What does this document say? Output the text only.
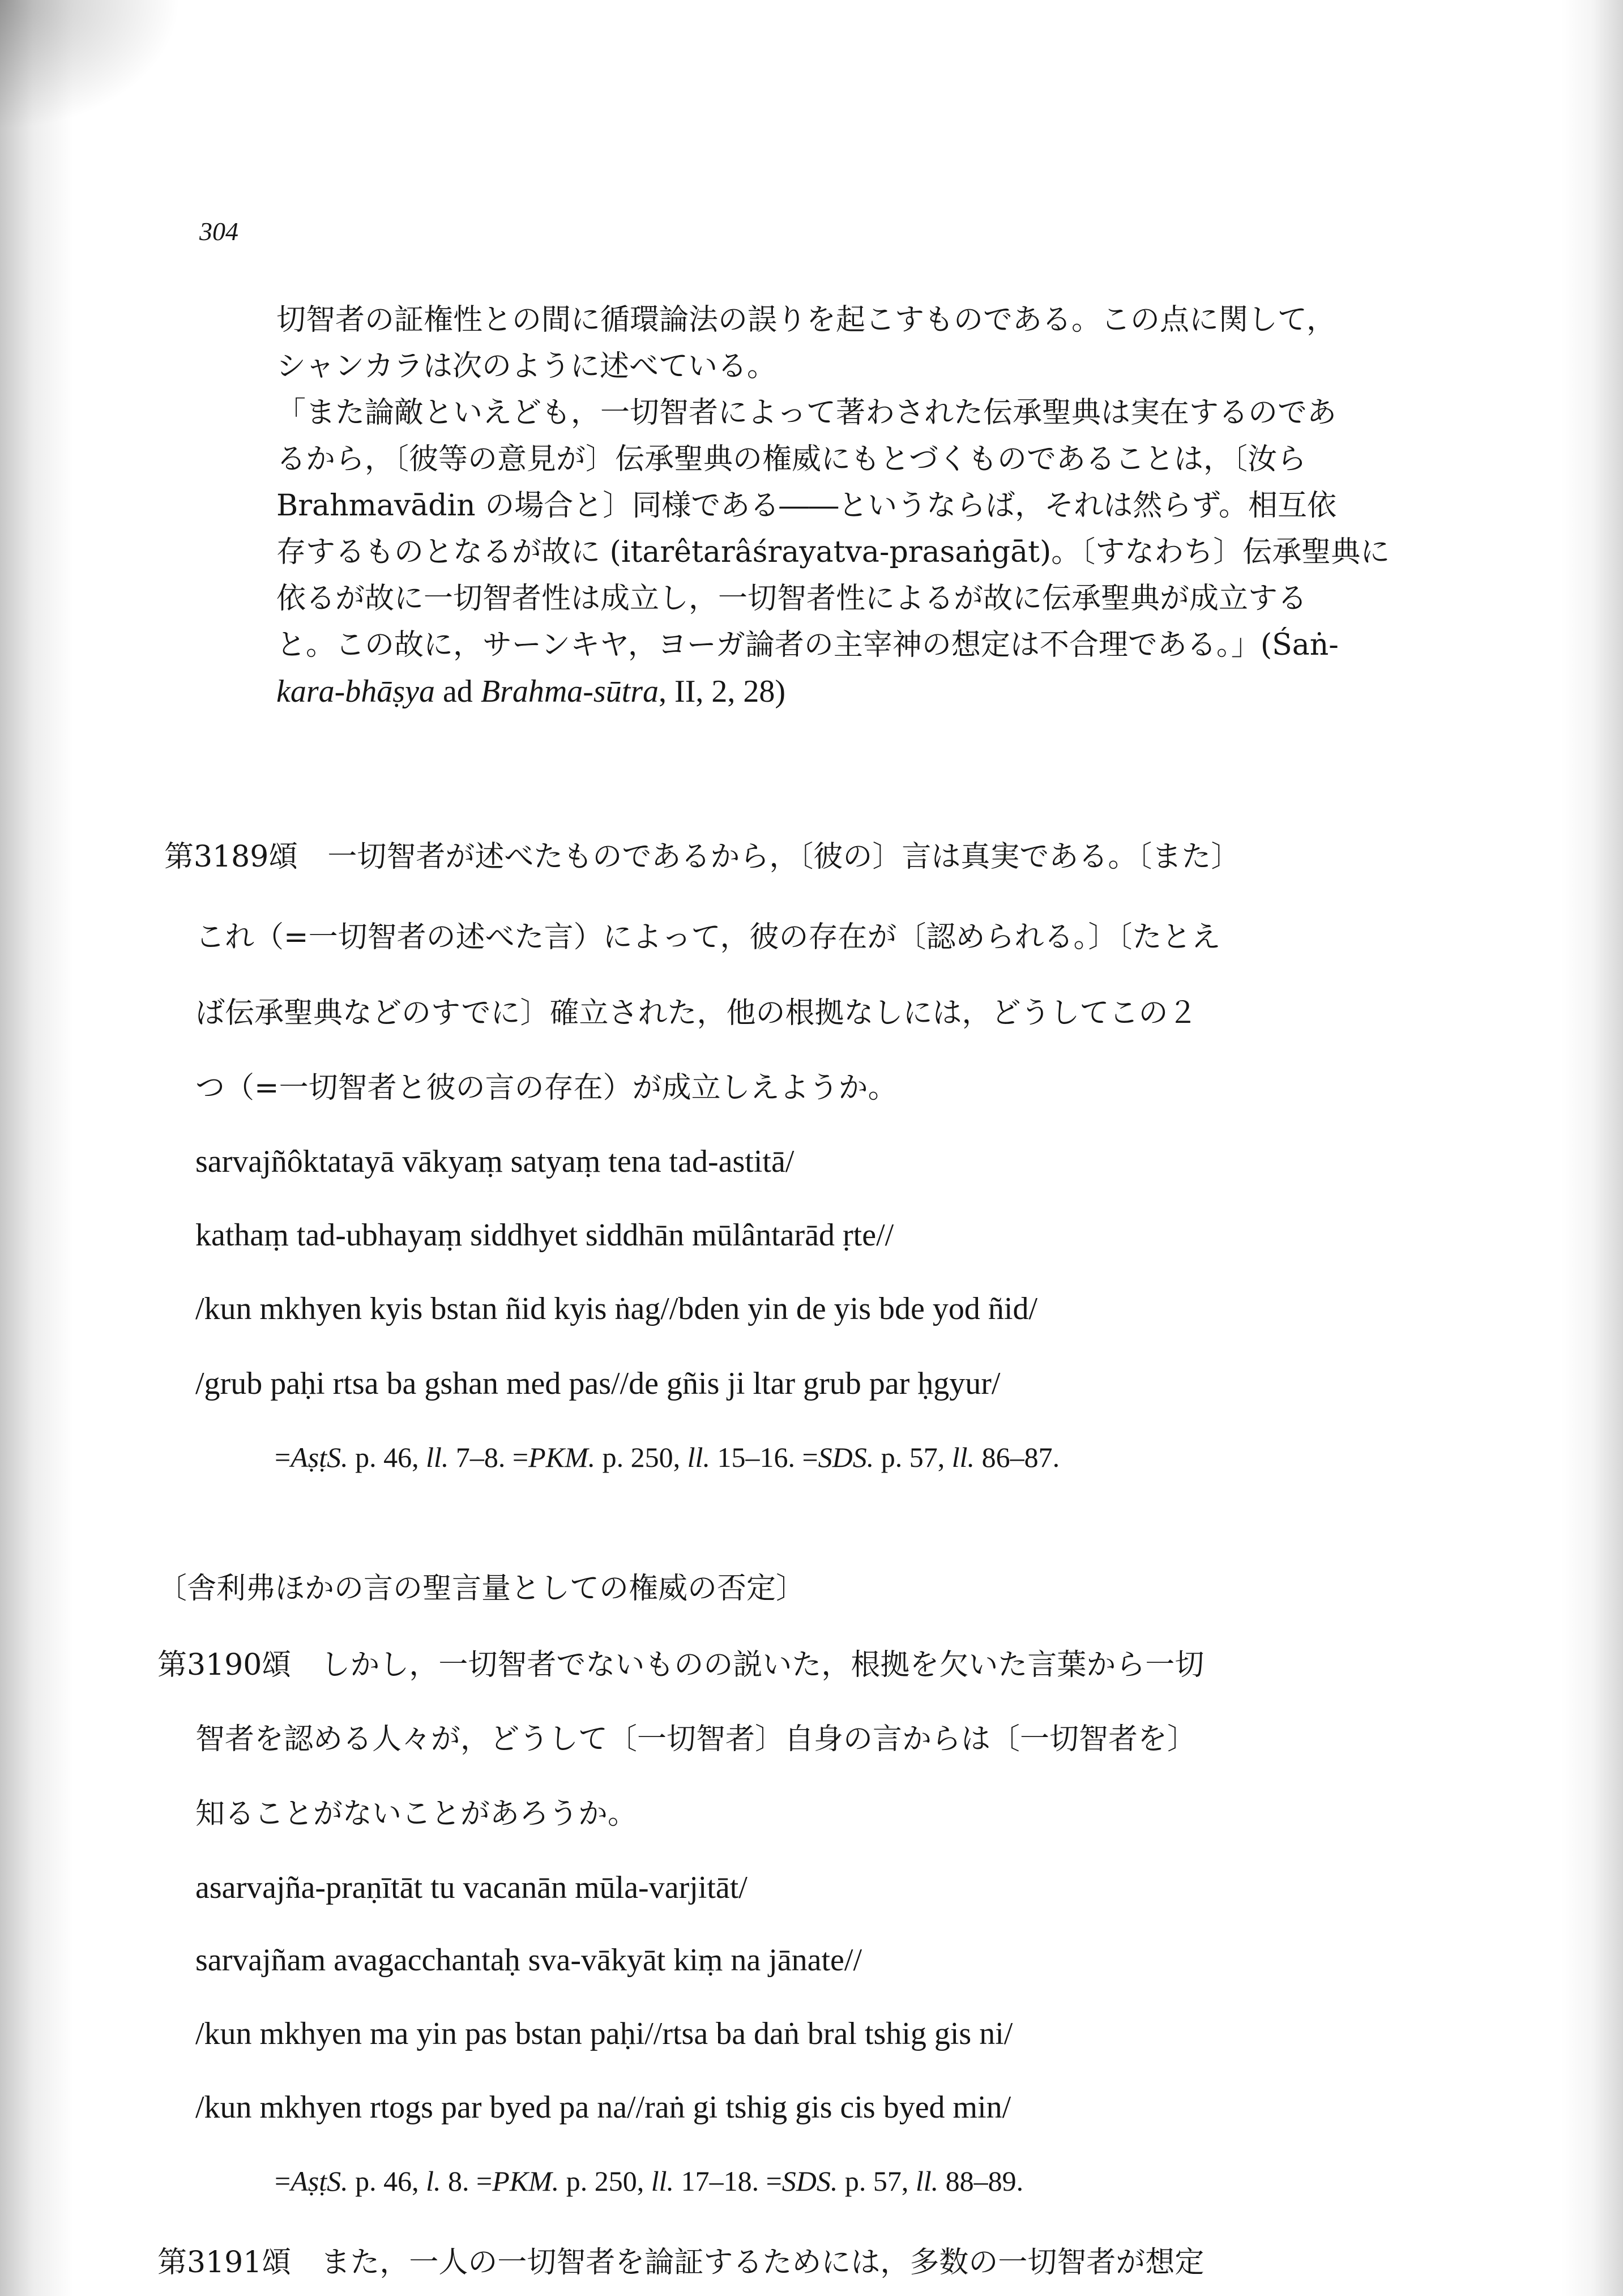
304
切智者の証権性との間に循環論法の誤りを起こすものである。この点に関して，
シャンカラは次のように述べている。
「また論敵といえども，一切智者によって著わされた伝承聖典は実在するのであ
るから，〔彼等の意見が〕伝承聖典の権威にもとづくものであることは，〔汝ら
Brahmavādin の場合と〕同様である――というならば，それは然らず。相互依
存するものとなるが故に (itarêtarâśrayatva-prasaṅgāt)。〔すなわち〕伝承聖典に
依るが故に一切智者性は成立し，一切智者性によるが故に伝承聖典が成立する
と。この故に，サーンキヤ，ヨーガ論者の主宰神の想定は不合理である。」(Śaṅ-
kara-bhāṣya ad Brahma-sūtra, II, 2, 28)
第3189頌　一切智者が述べたものであるから，〔彼の〕言は真実である。〔また〕
これ（=一切智者の述べた言）によって，彼の存在が〔認められる。〕〔たとえ
ば伝承聖典などのすでに〕確立された，他の根拠なしには，どうしてこの２
つ（=一切智者と彼の言の存在）が成立しえようか。
sarvajñôktatayā vākyaṃ satyaṃ tena tad-astitā/
kathaṃ tad-ubhayaṃ siddhyet siddhān mūlântarād ṛte//
/kun mkhyen kyis bstan ñid kyis ṅag//bden yin de yis bde yod ñid/
/grub paḥi rtsa ba gshan med pas//de gñis ji ltar grub par ḥgyur/
=AṣṭS. p. 46, ll. 7–8. =PKM. p. 250, ll. 15–16. =SDS. p. 57, ll. 86–87.
〔舎利弗ほかの言の聖言量としての権威の否定〕
第3190頌　しかし，一切智者でないものの説いた，根拠を欠いた言葉から一切
智者を認める人々が，どうして〔一切智者〕自身の言からは〔一切智者を〕
知ることがないことがあろうか。
asarvajña-praṇītāt tu vacanān mūla-varjitāt/
sarvajñam avagacchantaḥ sva-vākyāt kiṃ na jānate//
/kun mkhyen ma yin pas bstan paḥi//rtsa ba daṅ bral tshig gis ni/
/kun mkhyen rtogs par byed pa na//raṅ gi tshig gis cis byed min/
=AṣṭS. p. 46, l. 8. =PKM. p. 250, ll. 17–18. =SDS. p. 57, ll. 88–89.
第3191頌　また，一人の一切智者を論証するためには，多数の一切智者が想定
